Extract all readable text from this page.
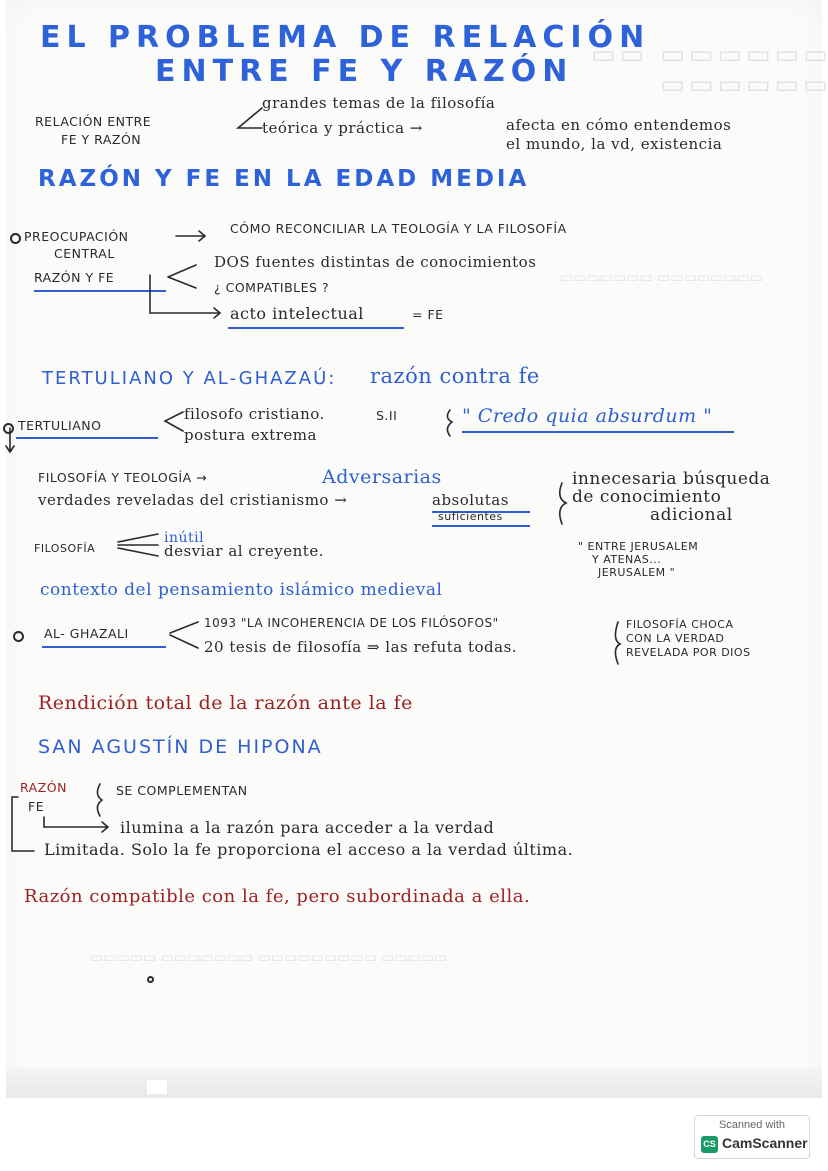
▭▭▭▭▭▭ ▭▭ ▭▭▭▭▭▭
▭▭▭▭▭▭▭▭ ▭▭▭▭▭▭▭
▭▭▭▭▭ ▭▭▭▭▭▭▭▭▭ ▭▭▭▭▭▭▭ ▭▭▭▭▭
EL PROBLEMA DE RELACIÓN
ENTRE FE Y RAZÓN
RELACIÓN ENTRE
FE Y RAZÓN
grandes temas de la filosofía
teórica y práctica →	afecta en cómo entendemos
el mundo, la vd, existencia
RAZÓN Y FE EN LA EDAD MEDIA
PREOCUPACIÓN
CENTRAL
CÓMO RECONCILIAR LA TEOLOGÍA Y LA FILOSOFÍA
RAZÓN Y FE
DOS fuentes distintas de conocimientos
¿ COMPATIBLES ?
acto intelectual	= FE
TERTULIANO Y AL-GHAZAÚ: razón contra fe
TERTULIANO
filosofo cristiano.	S.II
postura extrema
" Credo quia absurdum "
FILOSOFÍA Y TEOLOGÍA →	Adversarias
verdades reveladas del cristianismo →	absolutas
suficientes
innecesaria búsqueda
de conocimiento
adicional
FILOSOFÍA
inútil
desviar al creyente.	" ENTRE JERUSALEM
Y ATENAS...
JERUSALEM "
contexto del pensamiento islámico medieval
AL- GHAZALI
1093 "LA INCOHERENCIA DE LOS FILÓSOFOS"
20 tesis de filosofía ⇒ las refuta todas.
FILOSOFÍA CHOCA
CON LA VERDAD
REVELADA POR DIOS
Rendición total de la razón ante la fe
SAN AGUSTÍN DE HIPONA
RAZÓN
FE
SE COMPLEMENTAN
ilumina a la razón para acceder a la verdad
Limitada. Solo la fe proporciona el acceso a la verdad última.
Razón compatible con la fe, pero subordinada a ella.
Scanned with
CS CamScanner
